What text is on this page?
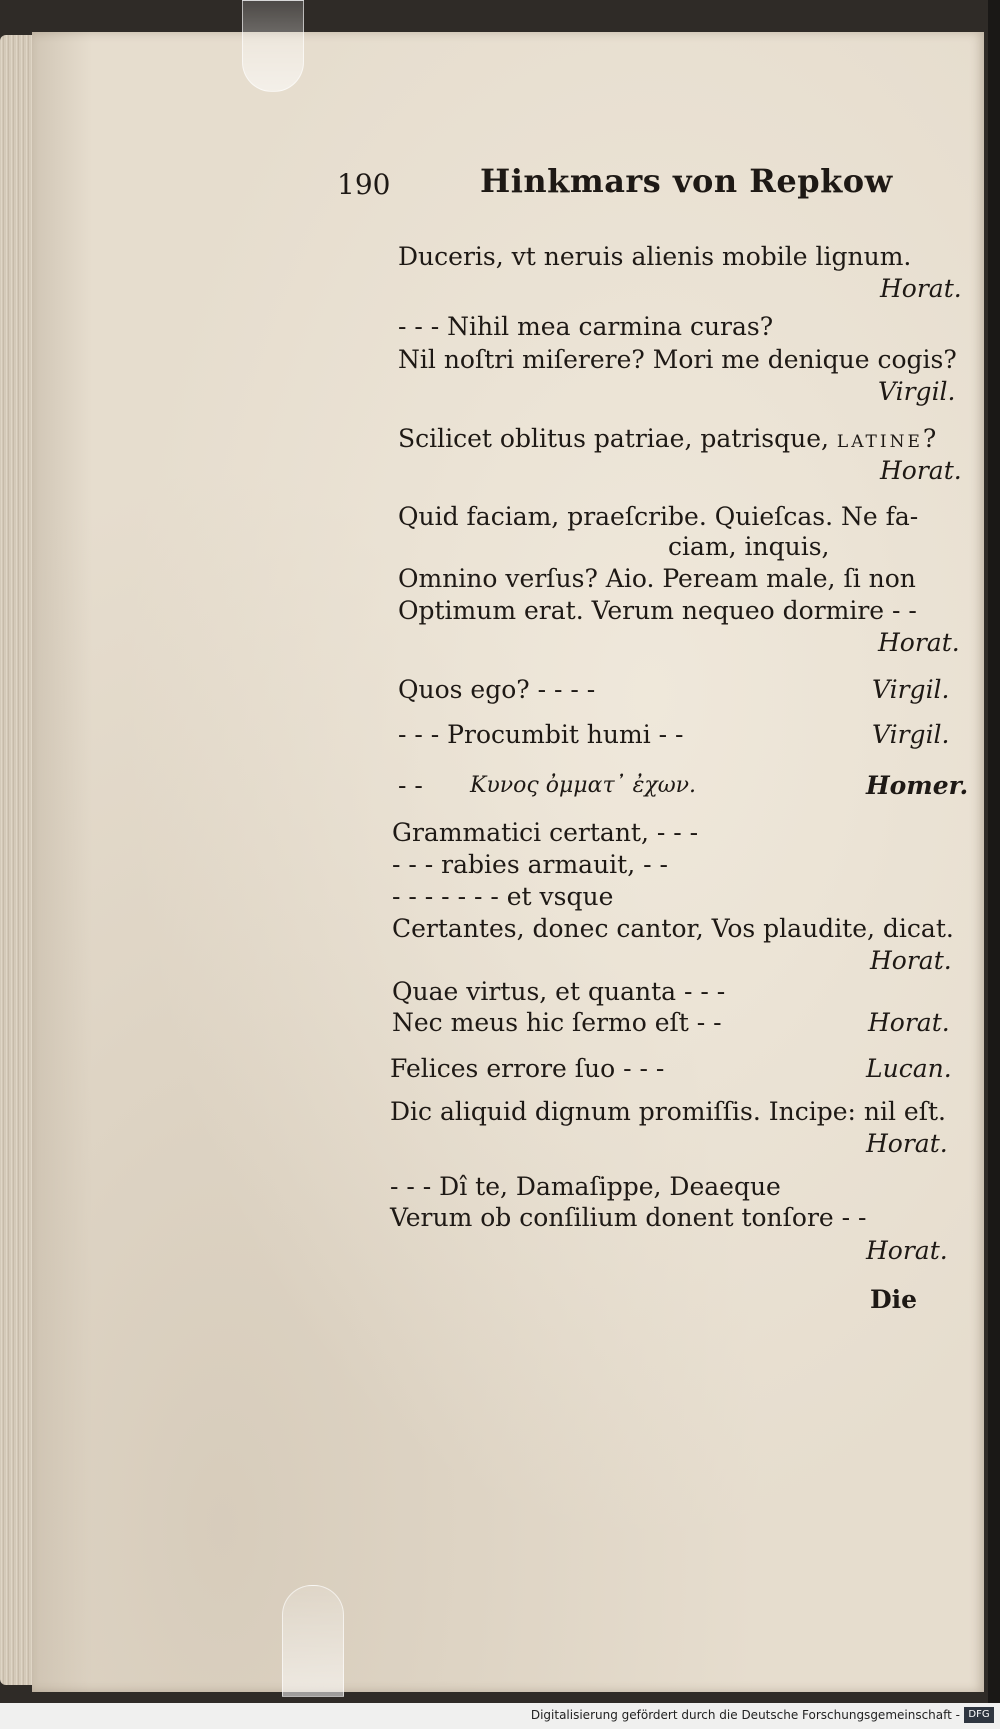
190	Hinkmars von Repkow
Duceris, vt neruis alienis mobile lignum.
Horat.
- - - Nihil mea carmina curas?
Nil noſtri miſerere? Mori me denique cogis?
Virgil.
Scilicet oblitus patriae, patrisque, LATINE?
Horat.
Quid faciam, praeſcribe. Quieſcas. Ne fa-
ciam, inquis,
Omnino verſus? Aio. Peream male, ſi non
Optimum erat. Verum nequeo dormire - -
Horat.
Quos ego? - - - -	Virgil.
- - - Procumbit humi - -	Virgil.
- - Κυνος ὀμματ᾽ ἐχων.	Homer.
Grammatici certant, - - -
- - - rabies armauit, - -
- - - - - - - et vsque
Certantes, donec cantor, Vos plaudite, dicat.
Horat.
Quae virtus, et quanta - - -
Nec meus hic ſermo eſt - -	Horat.
Felices errore ſuo - - -	Lucan.
Dic aliquid dignum promiſſis. Incipe: nil eſt.
Horat.
- - - Dî te, Damaſippe, Deaeque
Verum ob conſilium donent tonſore - -
Horat.
Die
Digitalisierung gefördert durch die Deutsche Forschungsgemeinschaft - DFG
